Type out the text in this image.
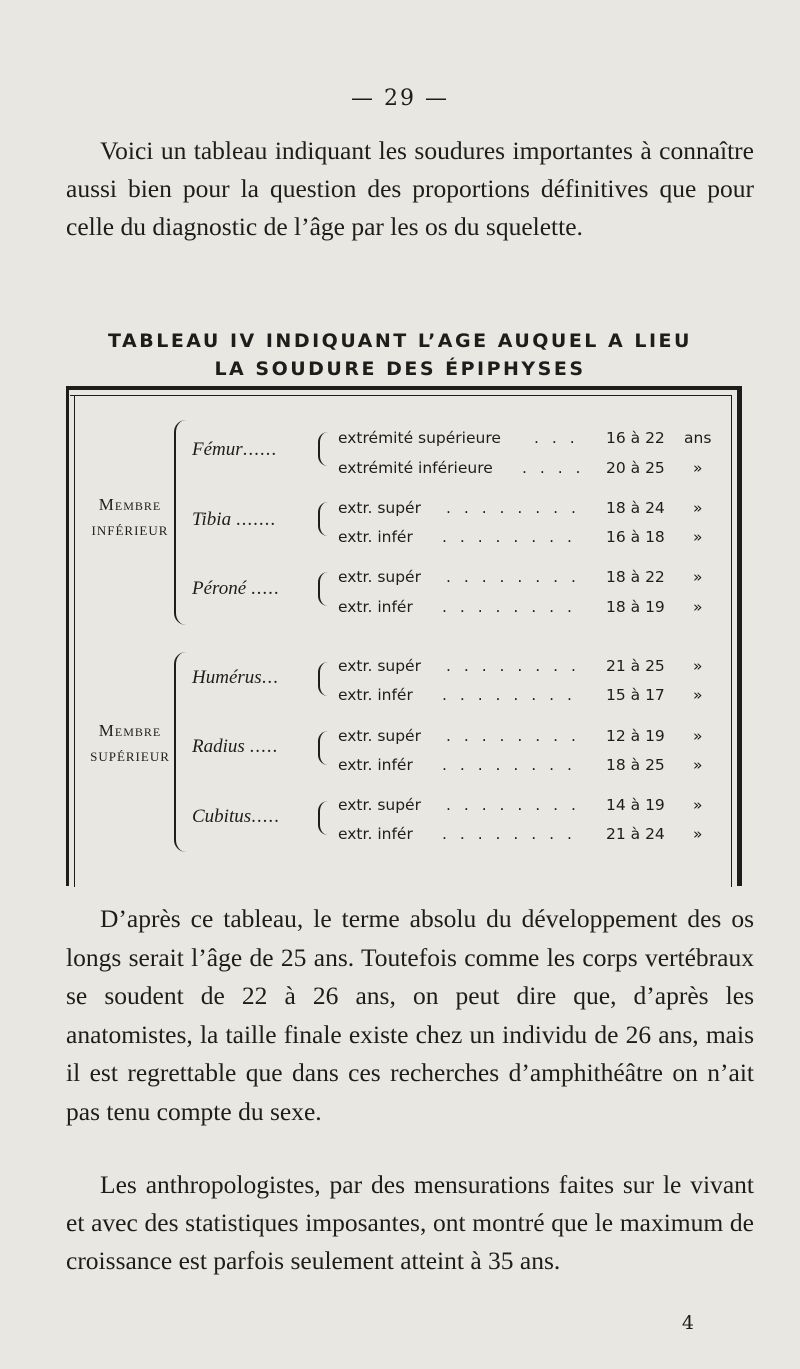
— 29 —
Voici un tableau indiquant les soudures importantes à connaître aussi bien pour la question des proportions définitives que pour celle du diagnostic de l’âge par les os du squelette.
TABLEAU IV INDIQUANT L’AGE AUQUEL A LIEU
LA SOUDURE DES ÉPIPHYSES
Membre
INFÉRIEUR
Fémur......
extrémité supérieure . . . 16 à 22 ans
extrémité inférieure . . . . 20 à 25 »
Tibia .......
extr. supér . . . . . . . . 18 à 24 »
extr. infér . . . . . . . . 16 à 18 »
Péroné .....
extr. supér . . . . . . . . 18 à 22 »
extr. infér . . . . . . . . 18 à 19 »
Membre
SUPÉRIEUR
Humérus...
extr. supér . . . . . . . . 21 à 25 »
extr. infér . . . . . . . . 15 à 17 »
Radius .....	extr. supér . . . . . . . . 12 à 19 »
extr. infér . . . . . . . . 18 à 25 »
Cubitus.....
extr. supér . . . . . . . . 14 à 19 »
extr. infér . . . . . . . . 21 à 24 »
D’après ce tableau, le terme absolu du développement des os longs serait l’âge de 25 ans. Toutefois comme les corps vertébraux se soudent de 22 à 26 ans, on peut dire que, d’après les anatomistes, la taille finale existe chez un individu de 26 ans, mais il est regrettable que dans ces recherches d’amphithéâtre on n’ait pas tenu compte du sexe.
Les anthropologistes, par des mensurations faites sur le vivant et avec des statistiques imposantes, ont montré que le maximum de croissance est parfois seulement atteint à 35 ans.
4
